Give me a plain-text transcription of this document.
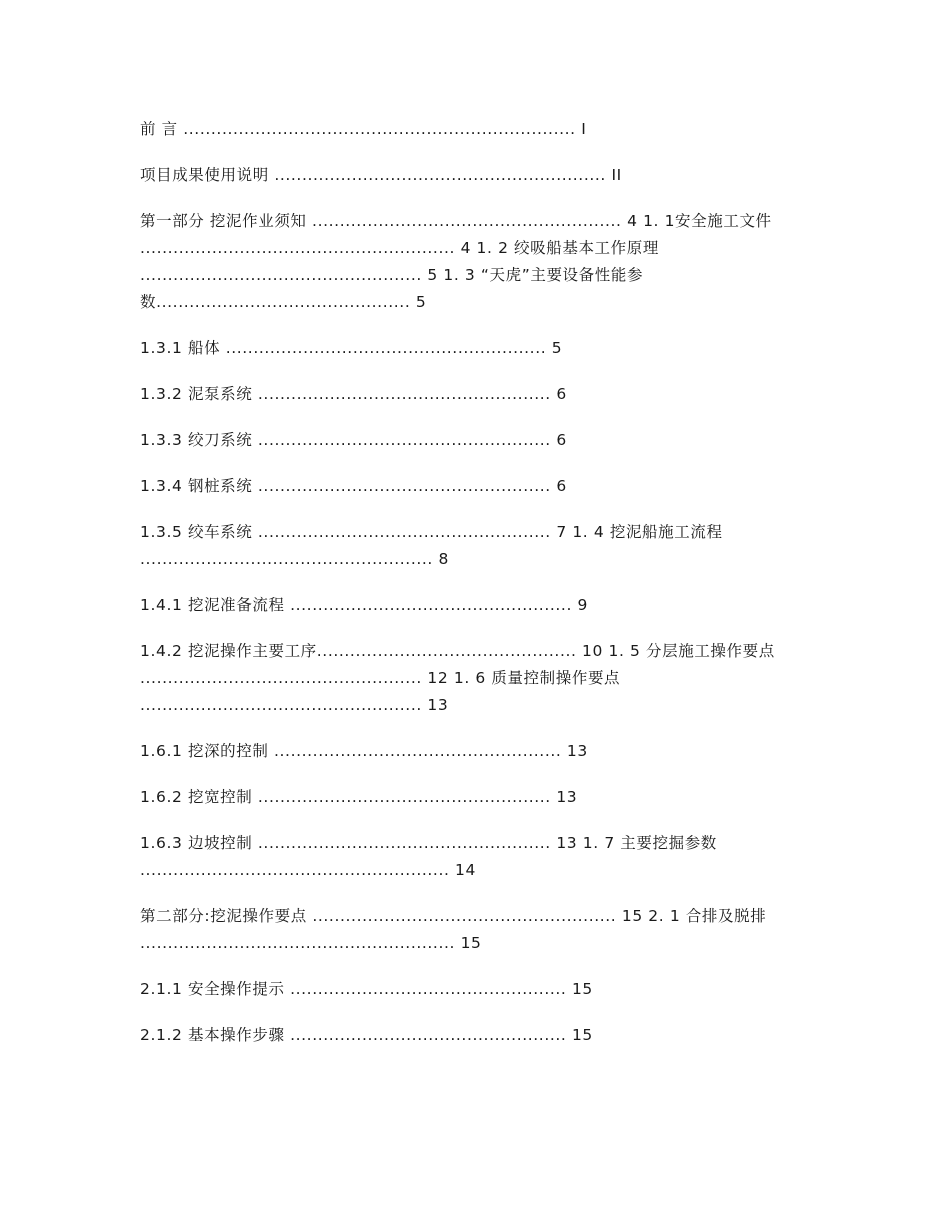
前 言 ....................................................................... I
项目成果使用说明 ............................................................ II
第一部分 挖泥作业须知 ........................................................ 4 1. 1安全施工文件 ......................................................... 4 1. 2 绞吸船基本工作原理 ................................................... 5 1. 3 “天虎”主要设备性能参数.............................................. 5
1.3.1 船体 .......................................................... 5
1.3.2 泥泵系统 ..................................................... 6
1.3.3 绞刀系统 ..................................................... 6
1.3.4 钢桩系统 ..................................................... 6
1.3.5 绞车系统 ..................................................... 7 1. 4 挖泥船施工流程 ..................................................... 8
1.4.1 挖泥准备流程 ................................................... 9
1.4.2 挖泥操作主要工序............................................... 10 1. 5 分层施工操作要点 ................................................... 12 1. 6 质量控制操作要点 ................................................... 13
1.6.1 挖深的控制 .................................................... 13
1.6.2 挖宽控制 ..................................................... 13
1.6.3 边坡控制 ..................................................... 13 1. 7 主要挖掘参数 ........................................................ 14
第二部分:挖泥操作要点 ....................................................... 15 2. 1 合排及脱排 ......................................................... 15
2.1.1 安全操作提示 .................................................. 15
2.1.2 基本操作步骤 .................................................. 15
